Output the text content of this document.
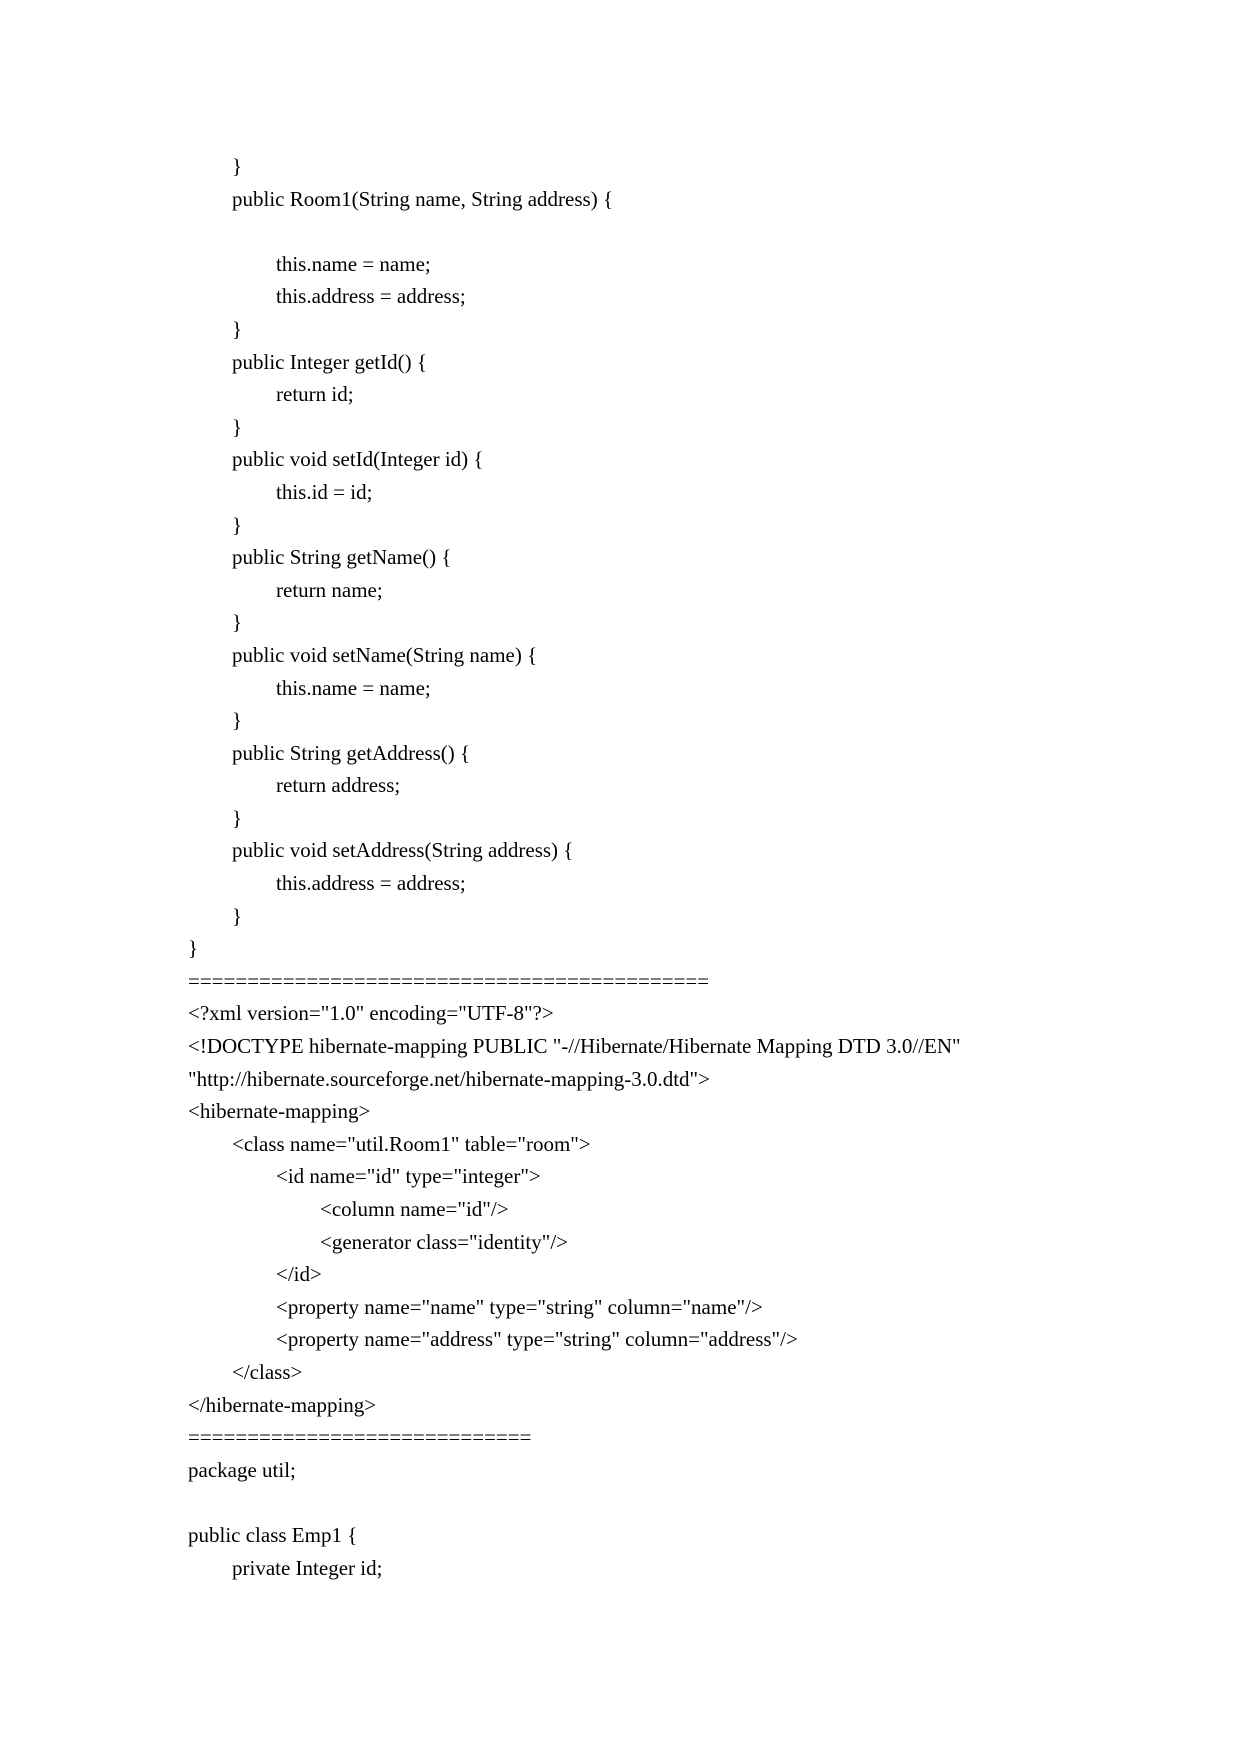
}
public Room1(String name, String address) {
this.name = name;
this.address = address;
}
public Integer getId() {
return id;
}
public void setId(Integer id) {
this.id = id;
}
public String getName() {
return name;
}
public void setName(String name) {
this.name = name;
}
public String getAddress() {
return address;
}
public void setAddress(String address) {
this.address = address;
}
}
============================================
<?xml version="1.0" encoding="UTF-8"?>
<!DOCTYPE hibernate-mapping PUBLIC "-//Hibernate/Hibernate Mapping DTD 3.0//EN"
"http://hibernate.sourceforge.net/hibernate-mapping-3.0.dtd">
<hibernate-mapping>
<class name="util.Room1" table="room">
<id name="id" type="integer">
<column name="id"/>
<generator class="identity"/>
</id>
<property name="name" type="string" column="name"/>
<property name="address" type="string" column="address"/>
</class>
</hibernate-mapping>
=============================
package util;
public class Emp1 {
private Integer id;
